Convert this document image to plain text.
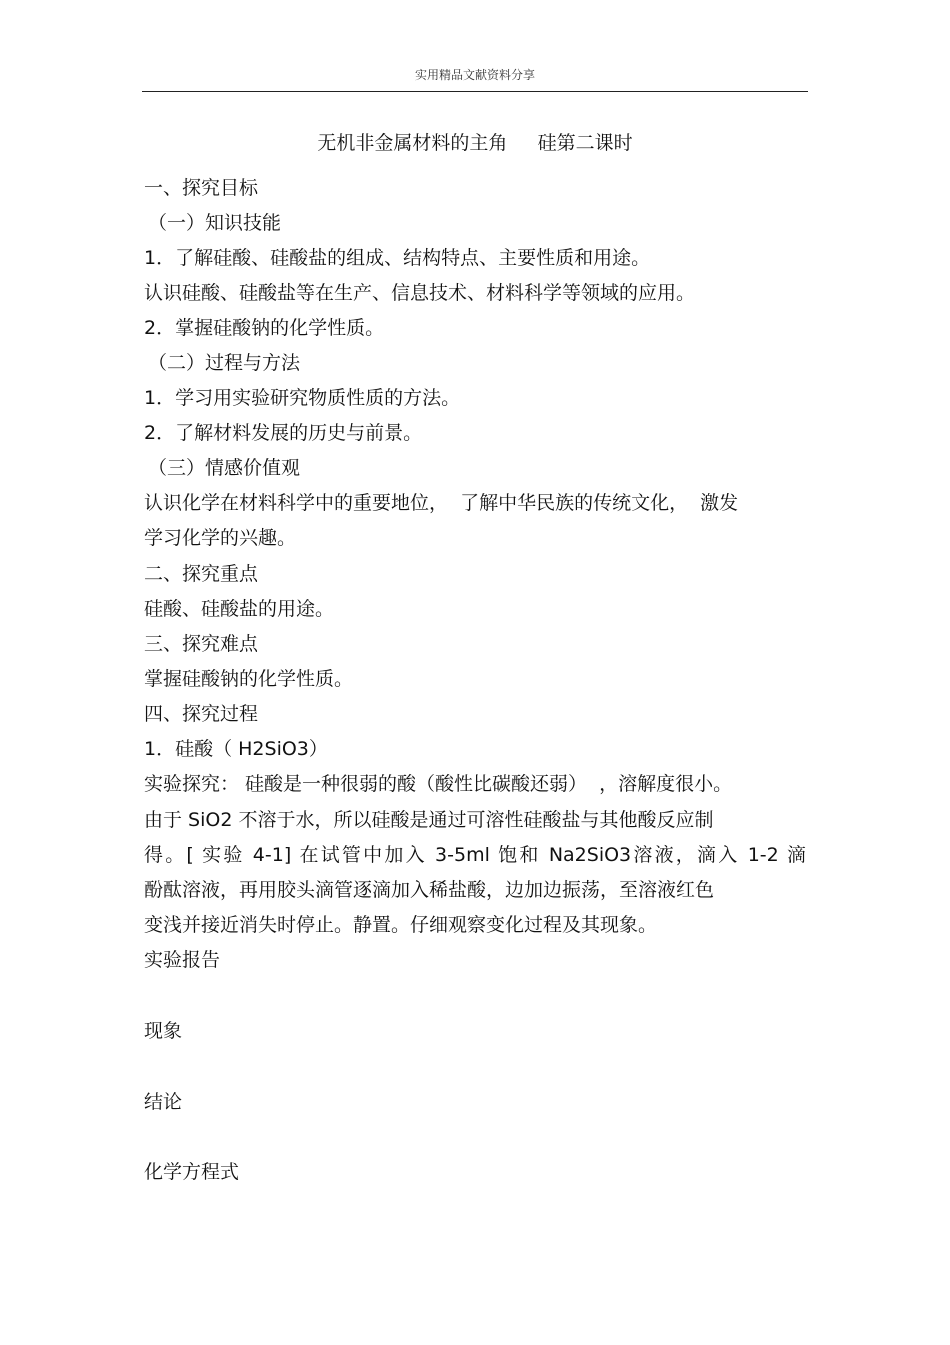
实用精品文献资料分享
无机非金属材料的主角     硅第二课时
一、探究目标
（一）知识技能
1．了解硅酸、硅酸盐的组成、结构特点、主要性质和用途。
认识硅酸、硅酸盐等在生产、信息技术、材料科学等领域的应用。
2．掌握硅酸钠的化学性质。
（二）过程与方法
1．学习用实验研究物质性质的方法。
2．了解材料发展的历史与前景。
（三）情感价值观
认识化学在材料科学中的重要地位，  了解中华民族的传统文化，  激发
学习化学的兴趣。
二、探究重点
硅酸、硅酸盐的用途。
三、探究难点
掌握硅酸钠的化学性质。
四、探究过程
1．硅酸（ H2SiO3）
实验探究： 硅酸是一种很弱的酸（酸性比碳酸还弱）  ，溶解度很小。
由于 SiO2 不溶于水，所以硅酸是通过可溶性硅酸盐与其他酸反应制
得。[ 实验 4-1] 在试管中加入 3-5ml 饱和 Na2SiO3溶液，滴入 1-2 滴
酚酞溶液，再用胶头滴管逐滴加入稀盐酸，边加边振荡，至溶液红色
变浅并接近消失时停止。静置。仔细观察变化过程及其现象。
实验报告
现象
结论
化学方程式
